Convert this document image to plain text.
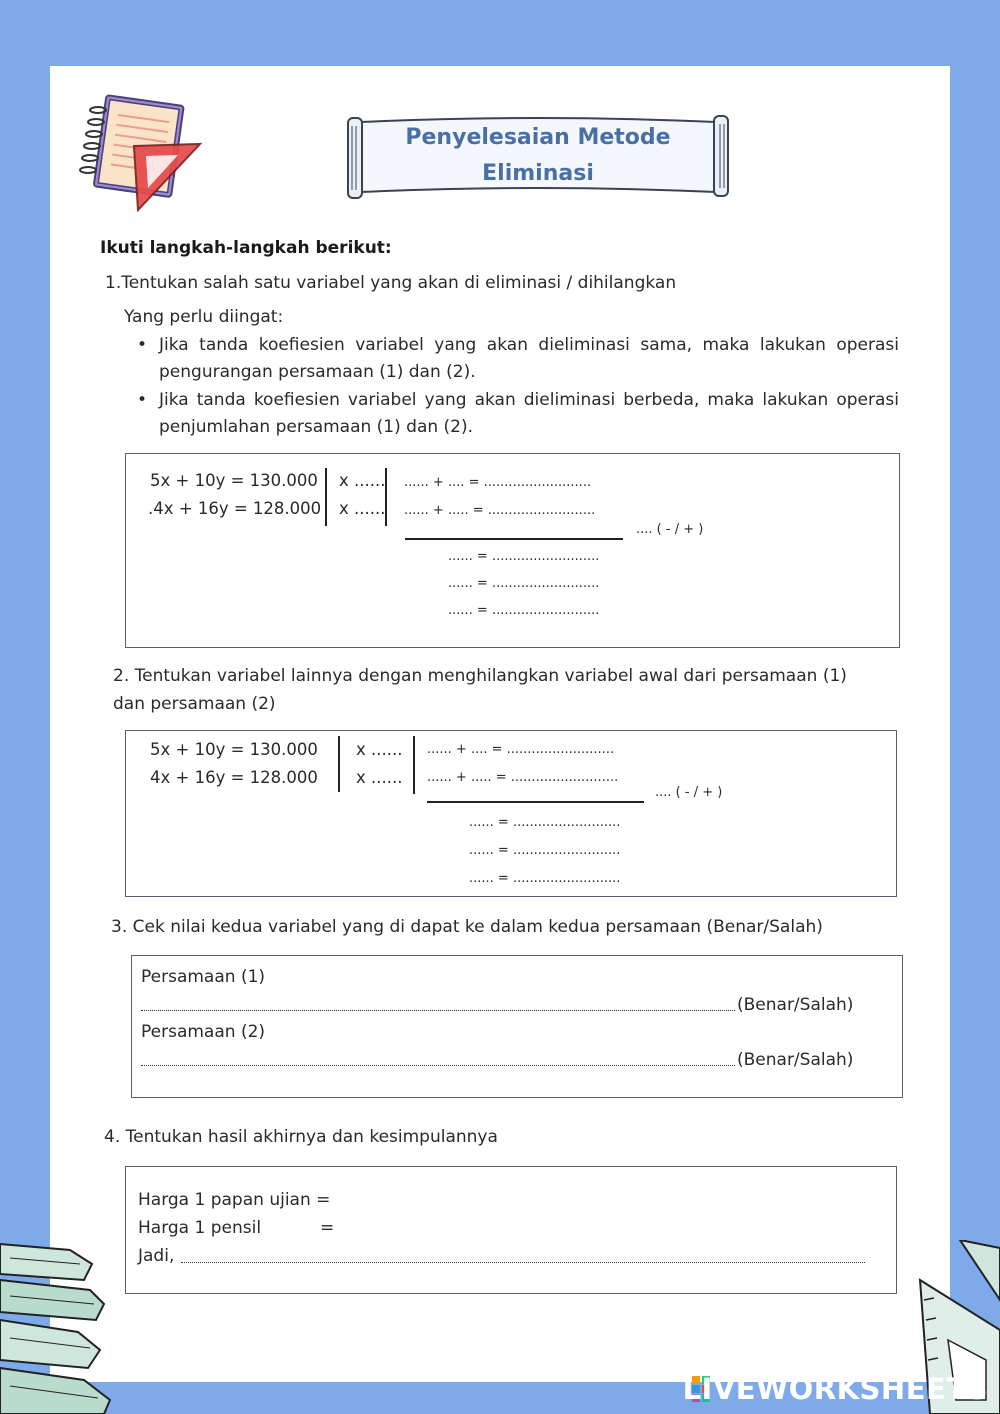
Penyelesaian Metode
Eliminasi
Ikuti langkah-langkah berikut:
1.Tentukan salah satu variabel yang akan di eliminasi / dihilangkan
Yang perlu diingat:
• Jika tanda koefiesien variabel yang akan dieliminasi sama, maka lakukan operasi pengurangan persamaan (1) dan (2).
• Jika tanda koefiesien variabel yang akan dieliminasi berbeda, maka lakukan operasi penjumlahan persamaan (1) dan (2).
5x + 10y = 130.000
.4x + 16y = 128.000
x ......
x ......
...... + .... = ..........................
...... + ..... = ..........................
.... ( - / + )
...... = ..........................
...... = ..........................
...... = ..........................
2. Tentukan variabel lainnya dengan menghilangkan variabel awal dari persamaan (1)
dan persamaan (2)
5x + 10y = 130.000
4x + 16y = 128.000
x ......
x ......
...... + .... = ..........................
...... + ..... = ..........................
.... ( - / + )
...... = ..........................
...... = ..........................
...... = ..........................
3. Cek nilai kedua variabel yang di dapat ke dalam kedua persamaan (Benar/Salah)
Persamaan (1)
(Benar/Salah)
Persamaan (2)
(Benar/Salah)
4. Tentukan hasil akhirnya dan kesimpulannya
Harga 1 papan ujian =
Harga 1 pensil	=
Jadi,
LIVEWORKSHEETS
